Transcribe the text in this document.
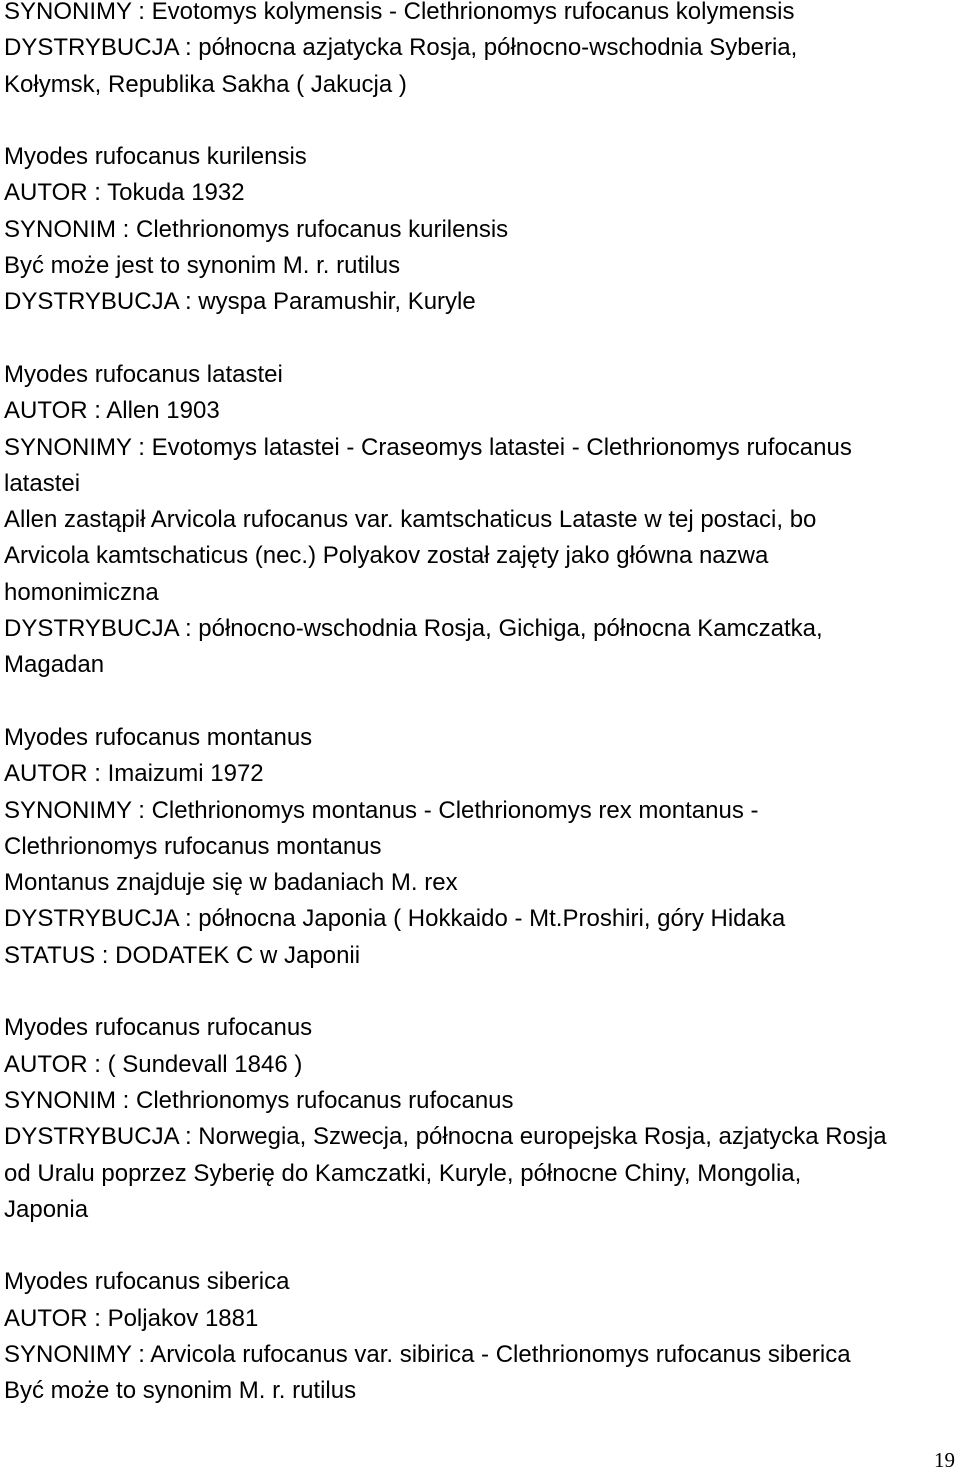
SYNONIMY : Evotomys kolymensis - Clethrionomys rufocanus kolymensis
DYSTRYBUCJA : północna azjatycka Rosja, północno-wschodnia Syberia,
Kołymsk, Republika Sakha ( Jakucja )
Myodes rufocanus kurilensis
AUTOR : Tokuda 1932
SYNONIM : Clethrionomys rufocanus kurilensis
Być może jest to synonim M. r. rutilus
DYSTRYBUCJA : wyspa Paramushir, Kuryle
Myodes rufocanus latastei
AUTOR : Allen 1903
SYNONIMY : Evotomys latastei - Craseomys latastei - Clethrionomys rufocanus
latastei
Allen zastąpił Arvicola rufocanus var. kamtschaticus Lataste w tej postaci, bo
Arvicola kamtschaticus (nec.) Polyakov został zajęty jako główna nazwa
homonimiczna
DYSTRYBUCJA : północno-wschodnia Rosja, Gichiga, północna Kamczatka,
Magadan
Myodes rufocanus montanus
AUTOR : Imaizumi 1972
SYNONIMY : Clethrionomys montanus - Clethrionomys rex montanus -
Clethrionomys rufocanus montanus
Montanus znajduje się w badaniach M. rex
DYSTRYBUCJA : północna Japonia ( Hokkaido - Mt.Proshiri, góry Hidaka
STATUS : DODATEK C w Japonii
Myodes rufocanus rufocanus
AUTOR : ( Sundevall 1846 )
SYNONIM : Clethrionomys rufocanus rufocanus
DYSTRYBUCJA : Norwegia, Szwecja, północna europejska Rosja, azjatycka Rosja
od Uralu poprzez Syberię do Kamczatki, Kuryle, północne Chiny, Mongolia,
Japonia
Myodes rufocanus siberica
AUTOR : Poljakov 1881
SYNONIMY : Arvicola rufocanus var. sibirica - Clethrionomys rufocanus siberica
Być może to synonim M. r. rutilus
19
